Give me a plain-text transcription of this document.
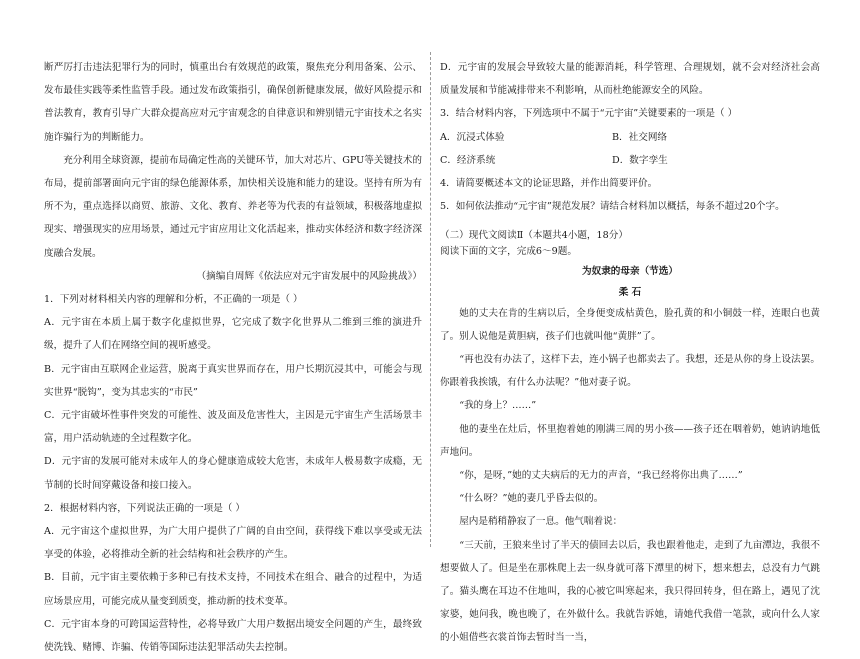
断严厉打击违法犯罪行为的同时，慎重出台有效规范的政策，聚焦充分利用备案、公示、发布最佳实践等柔性监管手段。通过发布政策指引，确保创新健康发展，做好风险提示和普法教育，教育引导广大群众提高应对元宇宙观念的自律意识和辨别错元宇宙技术之名实施诈骗行为的判断能力。

充分利用全球资源，提前布局确定性高的关键环节，加大对芯片、GPU等关键技术的布局，提前部署面向元宇宙的绿色能源体系，加快相关设施和能力的建设。坚持有所为有所不为，重点选择以商贸、旅游、文化、教育、养老等为代表的有益领域，积极落地虚拟现实、增强现实的应用场景，通过元宇宙应用让文化活起来，推动实体经济和数字经济深度融合发展。

（摘编自周辉《依法应对元宇宙发展中的风险挑战》）

1．下列对材料相关内容的理解和分析，不正确的一项是（ ）

A．元宇宙在本质上属于数字化虚拟世界，它完成了数字化世界从二维到三维的演进升级，提升了人们在网络空间的视听感受。

B．元宇宙由互联网企业运营，脱离于真实世界而存在，用户长期沉浸其中，可能会与现实世界“脱钩”，变为其忠实的“市民”

C．元宇宙破坏性事件突发的可能性、波及面及危害性大，主因是元宇宙生产生活场景丰富，用户活动轨迹的全过程数字化。

D．元宇宙的发展可能对未成年人的身心健康造成较大危害，未成年人极易数字成瘾，无节制的长时间穿戴设备和接口接入。

2．根据材料内容，下列说法正确的一项是（ ）

A．元宇宙这个虚拟世界，为广大用户提供了广阔的自由空间，获得线下难以享受或无法享受的体验，必将推动全新的社会结构和社会秩序的产生。

B．目前，元宇宙主要依赖于多种已有技术支持，不同技术在组合、融合的过程中，为适应场景应用，可能完成从量变到质变，推动新的技术变革。

C．元宇宙本身的可跨国运营特性，必将导致广大用户数据出境安全问题的产生，最终致使洗钱、赌博、诈骗、传销等国际违法犯罪活动失去控制。

D．元宇宙的发展会导致较大量的能源消耗，科学管理、合理规划，就不会对经济社会高质量发展和节能减排带来不利影响，从而杜绝能源安全的风险。

3．结合材料内容，下列选项中不属于“元宇宙”关键要素的一项是（ ）

A．沉浸式体验	B．社交网络
C．经济系统	D．数字孪生

4．请简要概述本文的论证思路，并作出简要评价。

5．如何依法推动“元宇宙”规范发展？请结合材料加以概括，每条不超过20个字。

（二）现代文阅读Ⅱ（本题共4小题，18分）

阅读下面的文字，完成6～9题。

为奴隶的母亲（节选）

柔 石

她的丈夫在肯的生病以后，全身便变成枯黄色，脸孔黄的和小铜鼓一样，连眼白也黄了。别人说他是黄胆病，孩子们也就叫他“黄胖”了。

“再也没有办法了，这样下去，连小锅子也都卖去了。我想，还是从你的身上设法罢。你跟着我挨饿，有什么办法呢？”他对妻子说。

“我的身上？……”

他的妻坐在灶后，怀里抱着她的刚满三周的男小孩——孩子还在咽着奶，她讷讷地低声地问。

“你，是呀，”她的丈夫病后的无力的声音，“我已经将你出典了……”

“什么呀？”她的妻几乎昏去似的。

屋内是稍稍静寂了一息。他气喘着说：

“三天前，王狼来坐讨了半天的债回去以后，我也跟着他走，走到了九亩潭边，我很不想要做人了。但是坐在那株爬上去一纵身就可落下潭里的树下，想来想去，总没有力气跳了。猫头鹰在耳边不住地叫，我的心被它叫寒起来，我只得回转身，但在路上，遇见了沈家婆，她问我，晚也晚了，在外做什么。我就告诉她，请她代我借一笔款，或向什么人家的小姐借些衣裳首饰去暂时当一当，
